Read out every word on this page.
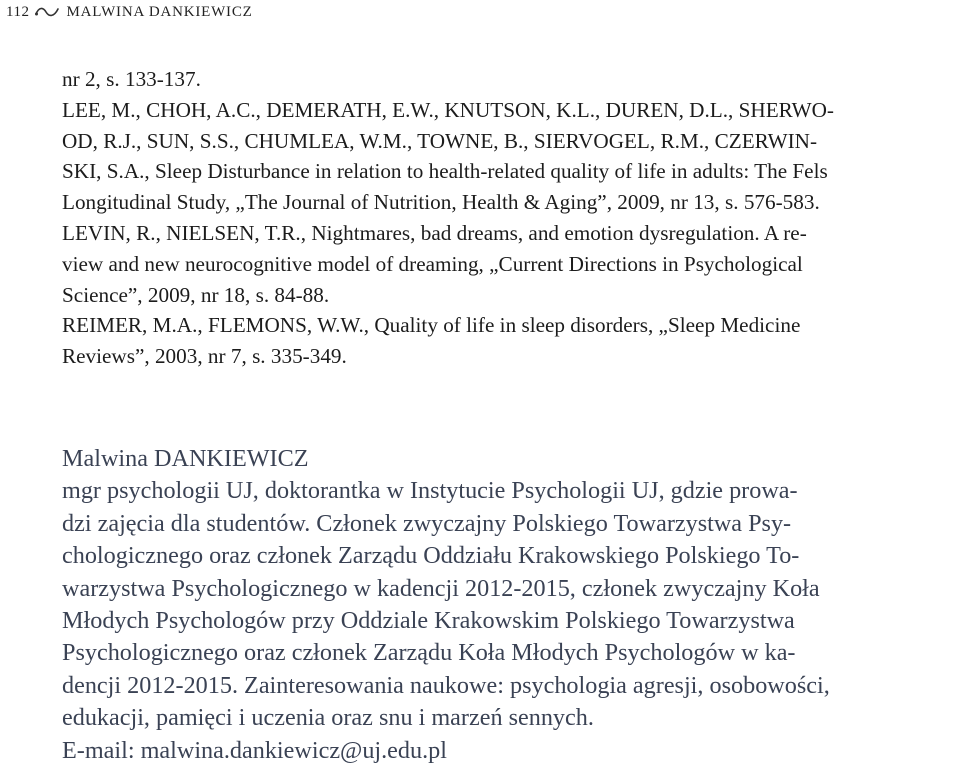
112 MALWINA DANKIEWICZ

nr 2, s. 133-137.

LEE, M., CHOH, A.C., DEMERATH, E.W., KNUTSON, K.L., DUREN, D.L., SHERWO-

OD, R.J., SUN, S.S., CHUMLEA, W.M., TOWNE, B., SIERVOGEL, R.M., CZERWIN-

SKI, S.A., Sleep Disturbance in relation to health-related quality of life in adults: The Fels

Longitudinal Study, „The Journal of Nutrition, Health & Aging”, 2009, nr 13, s. 576-583.

LEVIN, R., NIELSEN, T.R., Nightmares, bad dreams, and emotion dysregulation. A re-

view and new neurocognitive model of dreaming, „Current Directions in Psychological

Science”, 2009, nr 18, s. 84-88.

REIMER, M.A., FLEMONS, W.W., Quality of life in sleep disorders, „Sleep Medicine

Reviews”, 2003, nr 7, s. 335-349.

Malwina DANKIEWICZ

mgr psychologii UJ, doktorantka w Instytucie Psychologii UJ, gdzie prowa-

dzi zajęcia dla studentów. Członek zwyczajny Polskiego Towarzystwa Psy-

chologicznego oraz członek Zarządu Oddziału Krakowskiego Polskiego To-

warzystwa Psychologicznego w kadencji 2012-2015, członek zwyczajny Koła

Młodych Psychologów przy Oddziale Krakowskim Polskiego Towarzystwa

Psychologicznego oraz członek Zarządu Koła Młodych Psychologów w ka-

dencji 2012-2015. Zainteresowania naukowe: psychologia agresji, osobowości,

edukacji, pamięci i uczenia oraz snu i marzeń sennych.

E-mail: malwina.dankiewicz@uj.edu.pl
